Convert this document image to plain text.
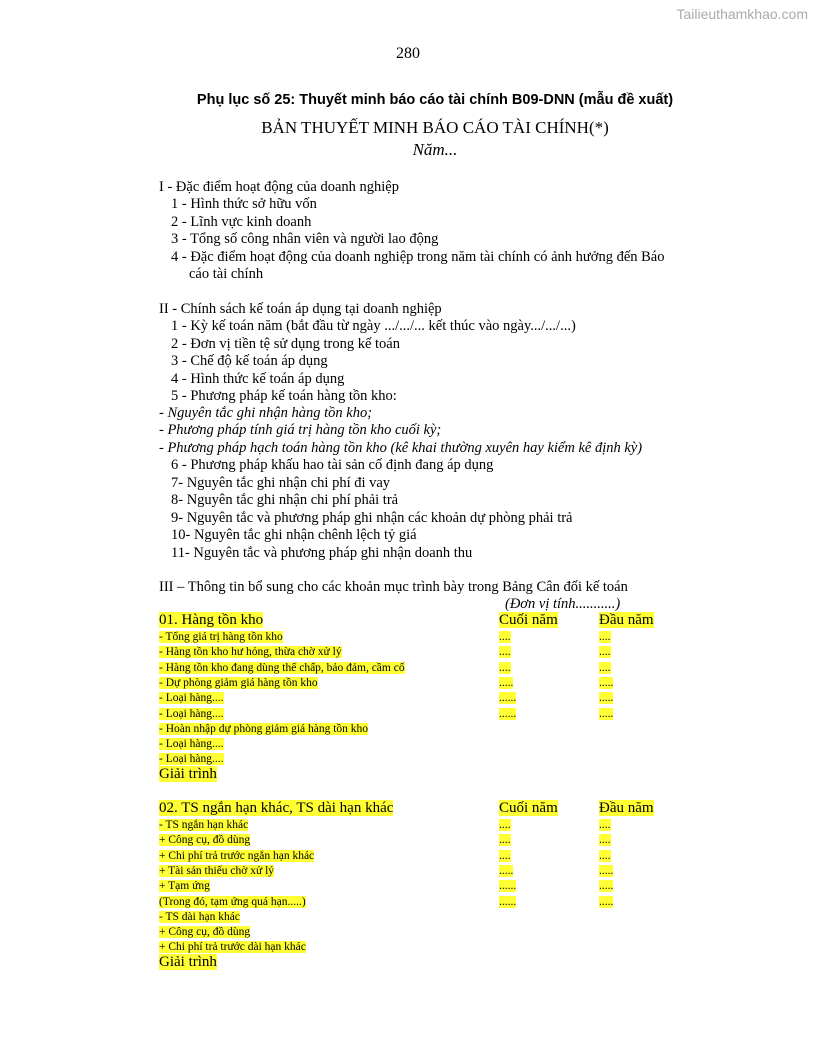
Tailieuthamkhao.com
280
Phụ lục số 25: Thuyết minh báo cáo tài chính B09-DNN (mẫu đề xuất)
BẢN THUYẾT MINH BÁO CÁO TÀI CHÍNH(*)
Năm...
I - Đặc điểm hoạt động của doanh nghiệp
1 - Hình thức sở hữu vốn
2 - Lĩnh vực kinh doanh
3 - Tổng số công nhân viên và người lao động
4 - Đặc điểm hoạt động của doanh nghiệp trong năm tài chính có ảnh hưởng đến Báo
cáo tài chính
II - Chính sách kế toán áp dụng tại doanh nghiệp
1 - Kỳ kế toán năm (bắt đầu từ ngày .../.../... kết thúc vào ngày.../.../...)
2 - Đơn vị tiền tệ sử dụng trong kế toán
3 - Chế độ kế toán áp dụng
4 - Hình thức kế toán áp dụng
5 - Phương pháp kế toán hàng tồn kho:
- Nguyên tắc ghi nhận hàng tồn kho;
- Phương pháp tính giá trị hàng tồn kho cuối kỳ;
- Phương pháp hạch toán hàng tồn kho (kê khai thường xuyên hay kiểm kê định kỳ)
6 - Phương pháp khấu hao tài sản cố định đang áp dụng
7- Nguyên tắc ghi nhận chi phí đi vay
8- Nguyên tắc ghi nhận chi phí phải trả
9- Nguyên tắc và phương pháp ghi nhận các khoản dự phòng phải trả
10- Nguyên tắc ghi nhận chênh lệch tỷ giá
11- Nguyên tắc và phương pháp ghi nhận doanh thu
III – Thông tin bổ sung cho các khoản mục trình bày trong Bảng Cân đối kế toán
(Đơn vị tính...........)
01. Hàng tồn kho	Cuối năm	Đầu năm
- Tổng giá trị hàng tồn kho	....	....
- Hàng tồn kho hư hỏng, thừa chờ xử lý	....	....
- Hàng tồn kho đang dùng thế chấp, bảo đảm, cầm cố	....	....
- Dự phòng giảm giá hàng tồn kho	.....	.....
- Loại hàng....	......	.....
- Loại hàng....	......	.....
- Hoàn nhập dự phòng giảm giá hàng tồn kho
- Loại hàng....
- Loại hàng....
Giải trình
02. TS ngắn hạn khác, TS dài hạn khác	Cuối năm	Đầu năm
- TS ngắn hạn khác	....	....
+ Công cụ, đồ dùng	....	....
+ Chi phí trả trước ngắn hạn khác	....	....
+ Tài sản thiếu chờ xử lý	.....	.....
+ Tạm ứng	......	.....
(Trong đó, tạm ứng quá hạn.....)	......	.....
- TS dài hạn khác
+ Công cụ, đồ dùng
+ Chi phí trả trước dài hạn khác
Giải trình
